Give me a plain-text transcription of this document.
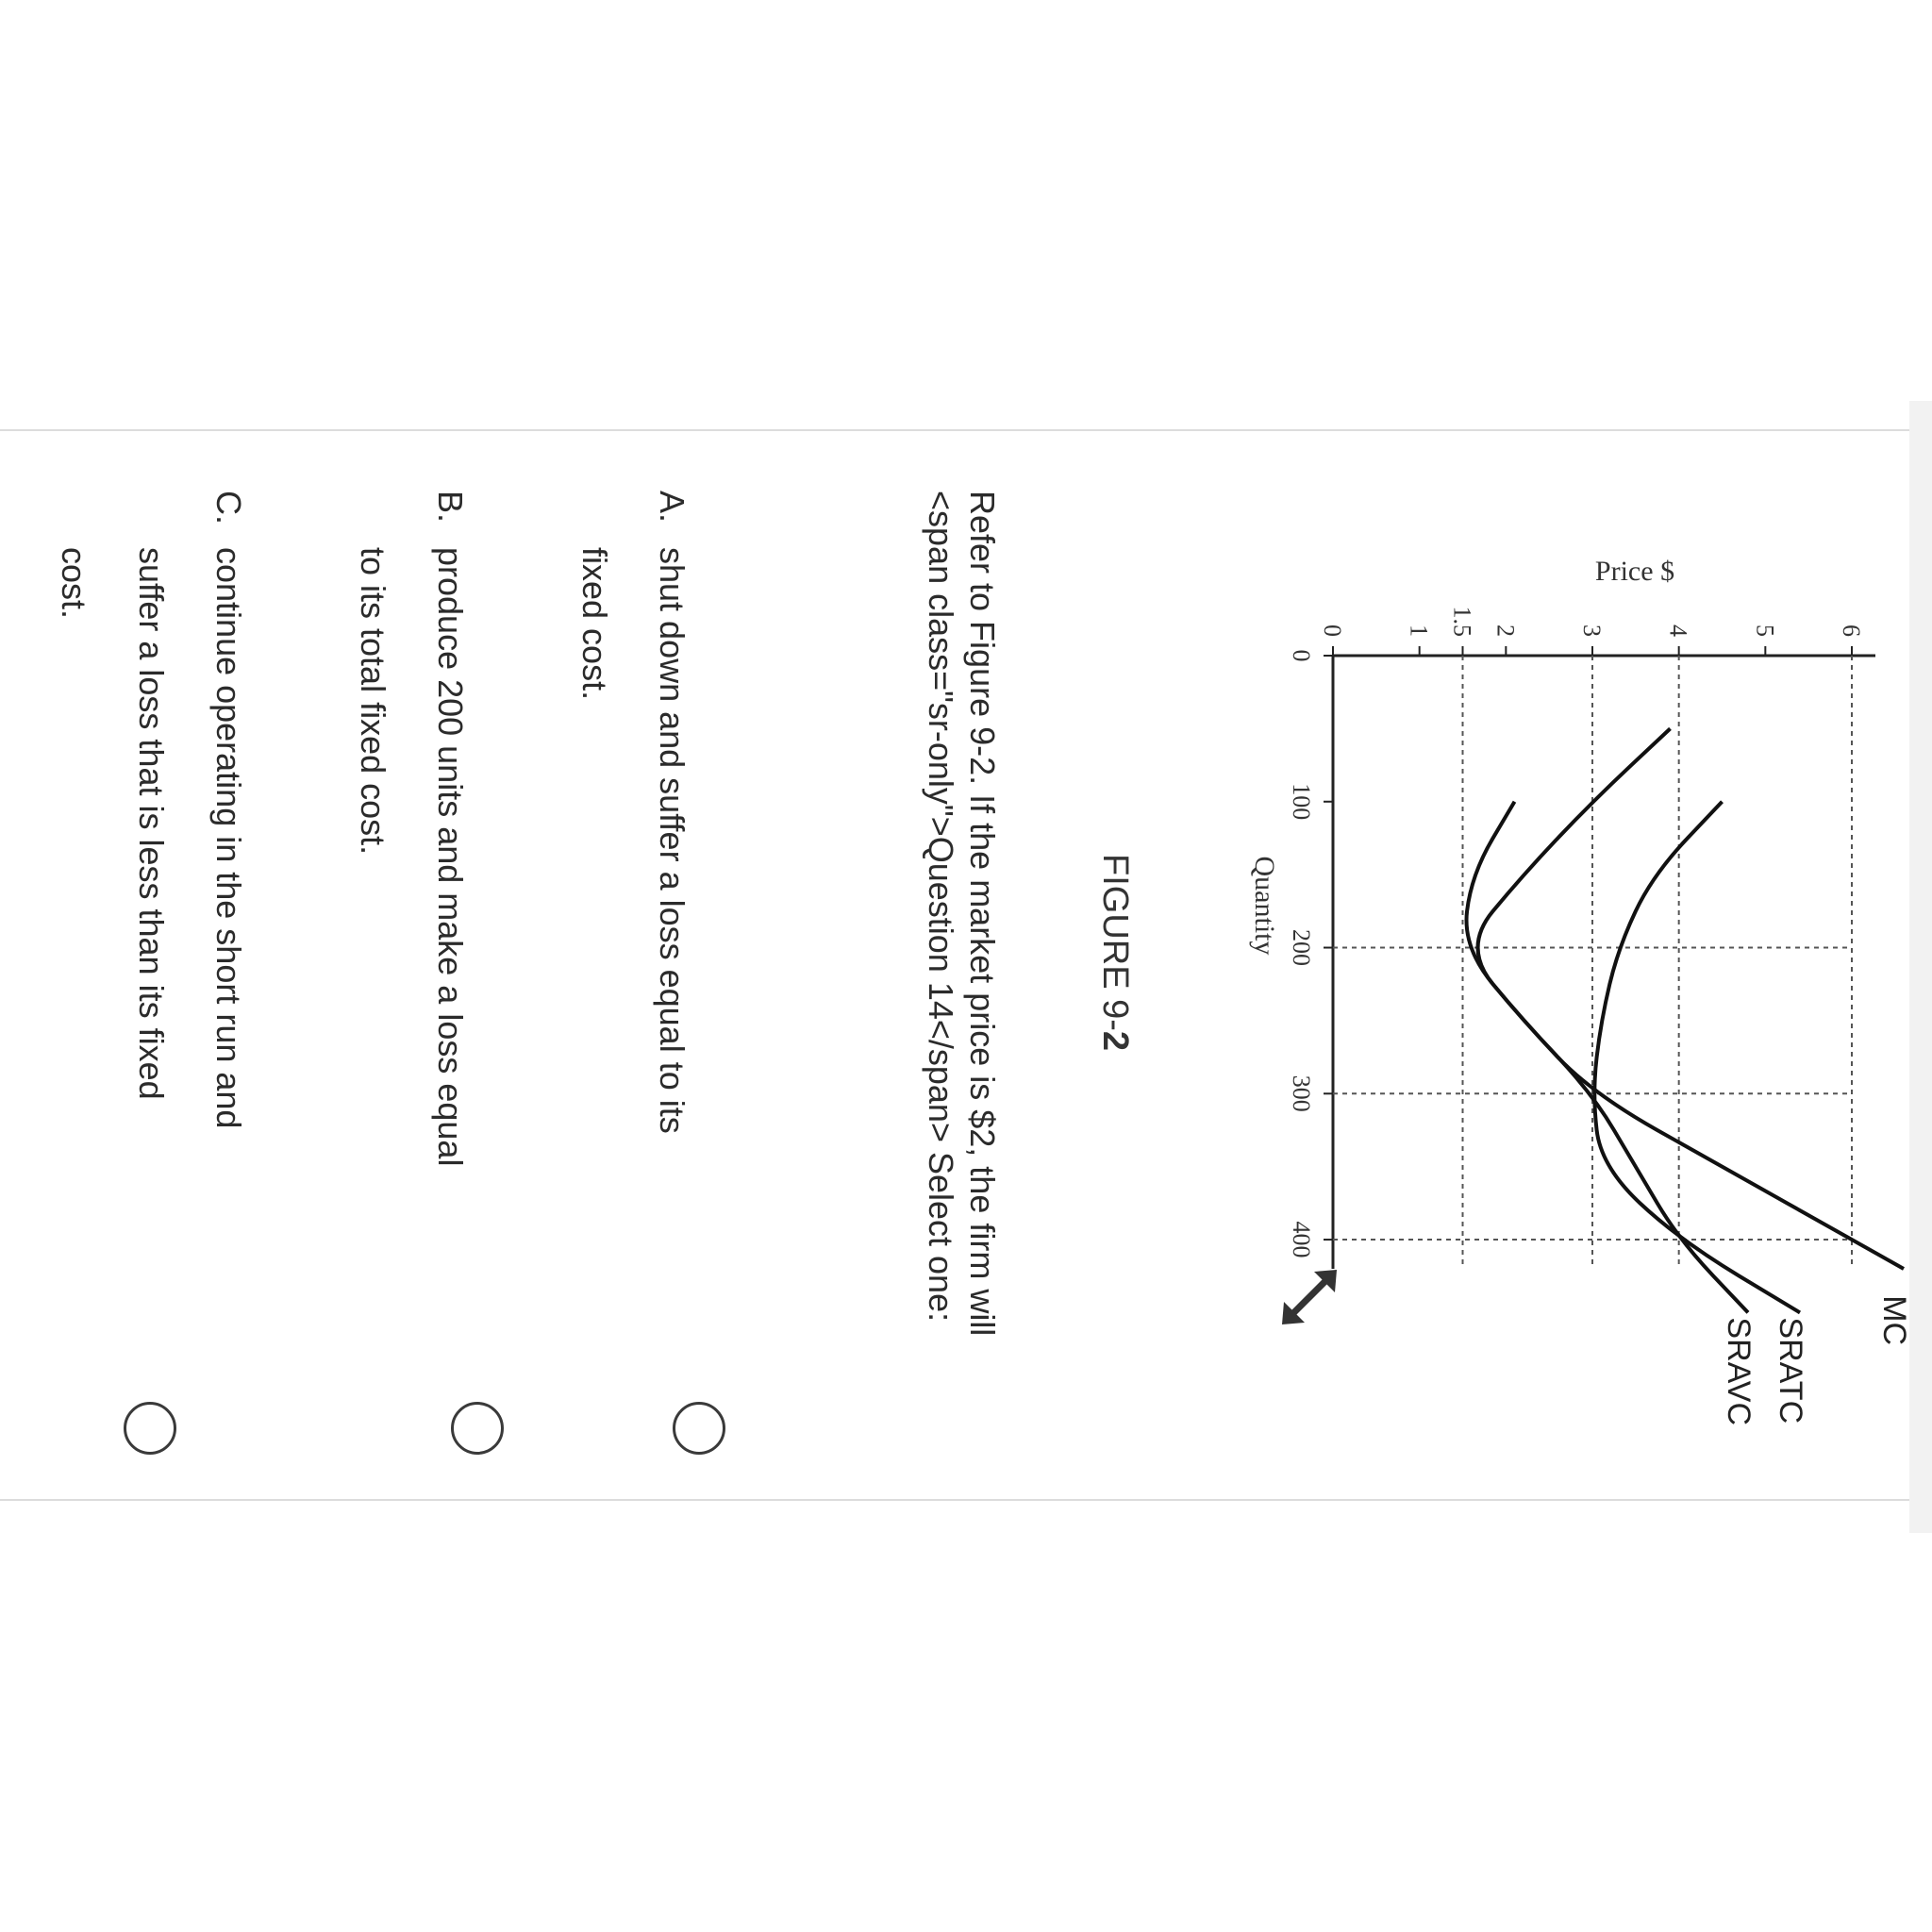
0 1 1.5 2 3 4 5 6
0
100
200
300
400
Price $
Quantity
MC
SRATC
SRAVC
FIGURE 9-2
Refer to Figure 9-2. If the market price is $2, the firm will
<span class="sr-only">Question 14</span> Select one:
A.
shut down and suffer a loss equal to its
fixed cost.
B.
produce 200 units and make a loss equal
to its total fixed cost.
C.
continue operating in the short run and
suffer a loss that is less than its fixed
cost.
